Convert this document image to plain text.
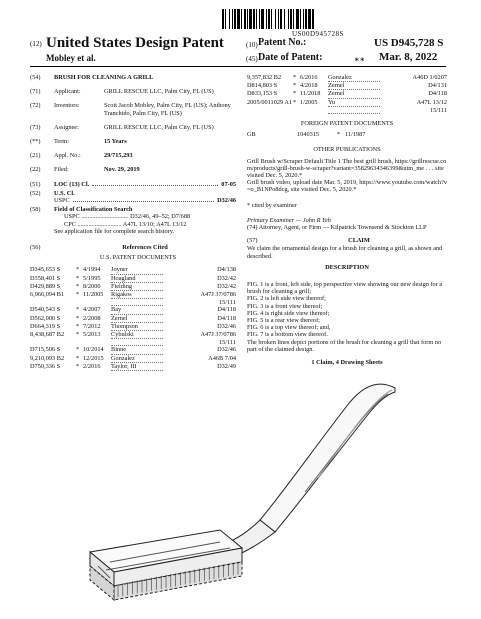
US00D945728S
(12) United States Design Patent
Mobley et al.
(10) Patent No.:	US D945,728 S
(45) Date of Patent:	∗∗ Mar. 8, 2022
(54)	BRUSH FOR CLEANING A GRILL
(71)	Applicant:	GRILL RESCUE LLC, Palm City, FL (US)
(72)	Inventors:	Scott Jacob Mobley, Palm City, FL (US); Anthony Tranchido, Palm City, FL (US)
(73)	Assignee:	GRILL RESCUE LLC, Palm City, FL (US)
(**)	Term:	15 Years
(21)	Appl. No.:	29/715,293
(22)	Filed:	Nov. 29, 2019
(51)	LOC (13) Cl.	07-05
(52)	U.S. Cl.
USPC	D32/46
(58)	Field of Classification Search
USPC .............................. D32/46, 49–52; D7/688
CPC ............................ A47L 13/10; A47L 13/12
See application file for complete search history.
(56)	References Cited
U.S. PATENT DOCUMENTS
D345,653 S	* 4/1994	Joyner	D4/138
D358,401 S	* 5/1995	Hoagland	D32/42
D429,889 S	* 8/2000	Fielding	D32/42
6,966,094 B1	* 11/2005	Rigakos	A47J 37/0786
15/111
D540,543 S	* 4/2007	Bay	D4/118
D562,000 S	* 2/2008	Zernel	D4/118
D664,319 S	* 7/2012	Thompson	D32/46
8,438,687 B2	* 5/2013	Cybulski	A47J 37/0786
15/111
D715,506 S	* 10/2014	Binne	D32/46
9,210,093 B2	* 12/2015	Gonzalez	A46B 7/04
D750,336 S	* 2/2016	Taylor, III	D32/49
9,357,832 B2	* 6/2016	Gonzalez	A46D 1/0207
D814,803 S	* 4/2018	Zernel	D4/131
D833,153 S	* 11/2018	Zernel	D4/118
2005/0011029 A1 * 1/2005	Yu	A47L 13/12
15/111
FOREIGN PATENT DOCUMENTS
GB	1040315	* 11/1987
OTHER PUBLICATIONS
Grill Brush w/Scraper Default Title 1 The best grill brush, https://grillrescue.com/products/grill-brush-w-scraper?variant=35829634346399&utm_me . . . site visited Dec. 5, 2020.*
Grill brush video, upload date Mar. 5, 2019, https://www.youtube.com/watch?v=o_B1NPo8dcg, site visited Dec. 5, 2020.*
* cited by examiner
Primary Examiner — John R Yeh
(74) Attorney, Agent, or Firm — Kilpatrick Townsend & Stockton LLP
(57)	CLAIM
We claim the ornamental design for a brush for cleaning a grill, as shown and described.
DESCRIPTION
FIG. 1 is a front, left side, top perspective view showing our new design for a brush for cleaning a grill;
FIG. 2 is left side view thereof;
FIG. 3 is a front view thereof;
FIG. 4 is right side view thereof;
FIG. 5 is a rear view thereof;
FIG. 6 is a top view thereof; and,
FIG. 7 is a bottom view thereof.
The broken lines depict portions of the brush for cleaning a grill that form no part of the claimed design.
1 Claim, 4 Drawing Sheets
